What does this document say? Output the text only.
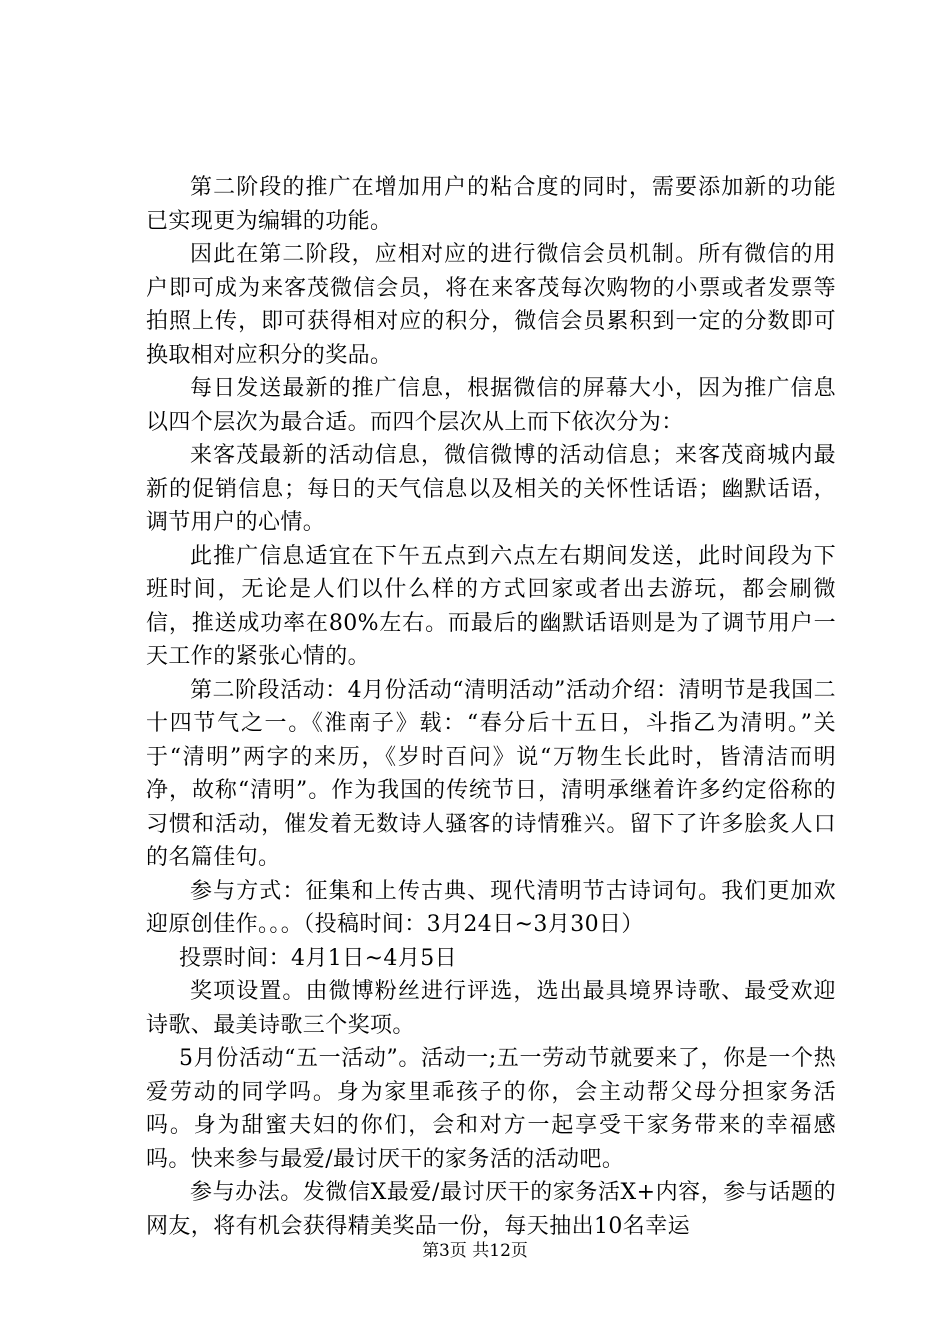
第二阶段的推广在增加用户的粘合度的同时，需要添加新的功能已实现更为编辑的功能。

因此在第二阶段，应相对应的进行微信会员机制。所有微信的用户即可成为来客茂微信会员，将在来客茂每次购物的小票或者发票等拍照上传，即可获得相对应的积分，微信会员累积到一定的分数即可换取相对应积分的奖品。

每日发送最新的推广信息，根据微信的屏幕大小，因为推广信息以四个层次为最合适。而四个层次从上而下依次分为：

来客茂最新的活动信息，微信微博的活动信息；来客茂商城内最新的促销信息；每日的天气信息以及相关的关怀性话语；幽默话语，调节用户的心情。

此推广信息适宜在下午五点到六点左右期间发送，此时间段为下班时间，无论是人们以什么样的方式回家或者出去游玩，都会刷微信，推送成功率在80%左右。而最后的幽默话语则是为了调节用户一天工作的紧张心情的。

第二阶段活动：4月份活动“清明活动”活动介绍：清明节是我国二十四节气之一。《淮南子》载：“春分后十五日，斗指乙为清明。”关于“清明”两字的来历，《岁时百问》说“万物生长此时，皆清洁而明净，故称“清明”。作为我国的传统节日，清明承继着许多约定俗称的习惯和活动，催发着无数诗人骚客的诗情雅兴。留下了许多脍炙人口的名篇佳句。

参与方式：征集和上传古典、现代清明节古诗词句。我们更加欢迎原创佳作。。。（投稿时间：3月24日~3月30日）

投票时间：4月1日~4月5日

奖项设置。由微博粉丝进行评选，选出最具境界诗歌、最受欢迎诗歌、最美诗歌三个奖项。

5月份活动“五一活动”。活动一;五一劳动节就要来了，你是一个热爱劳动的同学吗。身为家里乖孩子的你，会主动帮父母分担家务活吗。身为甜蜜夫妇的你们，会和对方一起享受干家务带来的幸福感吗。快来参与最爱/最讨厌干的家务活的活动吧。

参与办法。发微信X最爱/最讨厌干的家务活X+内容，参与话题的网友，将有机会获得精美奖品一份，每天抽出10名幸运

第3页 共12页
